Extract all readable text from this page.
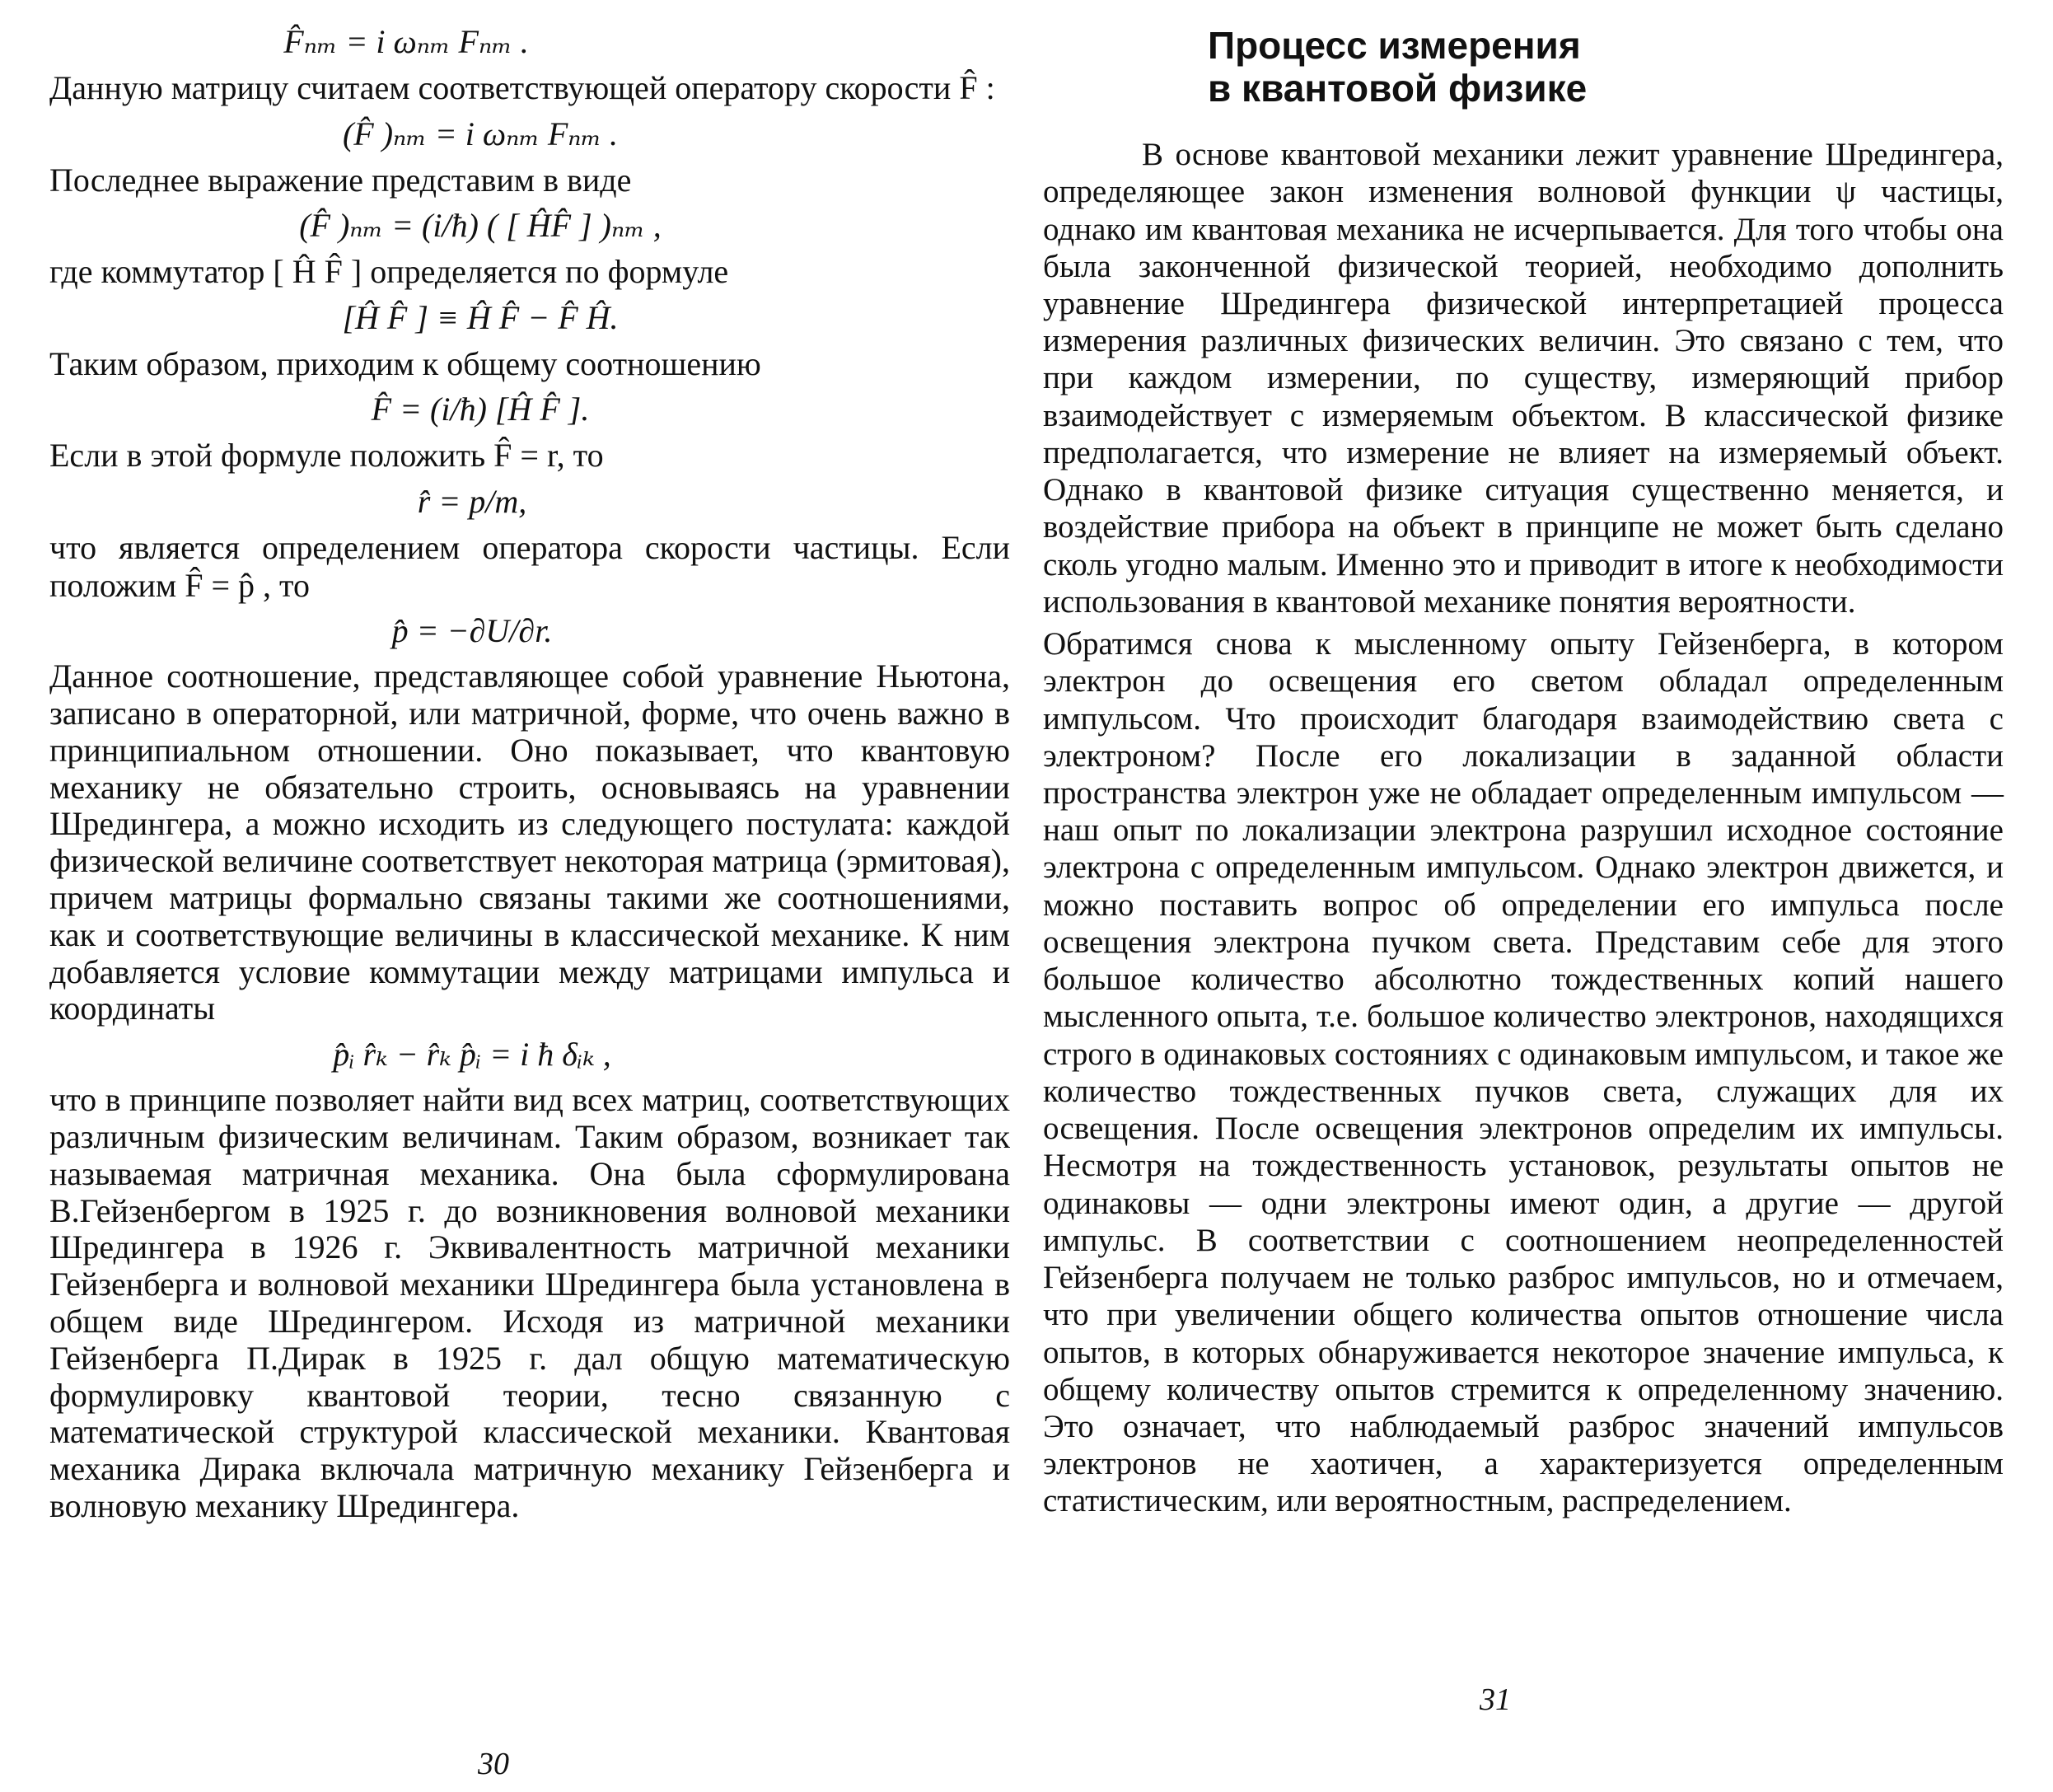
F̂ₙₘ = i ωₙₘ Fₙₘ .

Данную матрицу считаем соответствующей оператору скорости F̂ :

(F̂ )ₙₘ = i ωₙₘ Fₙₘ .

Последнее выражение представим в виде

(F̂ )ₙₘ = (i/ħ) ( [ ĤF̂ ] )ₙₘ ,

где коммутатор [ Ĥ F̂ ] определяется по формуле

[Ĥ F̂ ] ≡ Ĥ F̂ − F̂ Ĥ.

Таким образом, приходим к общему соотношению

F̂ = (i/ħ) [Ĥ F̂ ].

Если в этой формуле положить F̂ = r, то

r̂ = p/m,

что является определением оператора скорости частицы. Если положим F̂ = p̂ , то

p̂ = −∂U/∂r.

Данное соотношение, представляющее собой уравнение Ньютона, записано в операторной, или матричной, форме, что очень важно в принципиальном отношении. Оно показывает, что квантовую механику не обязательно строить, основываясь на уравнении Шредингера, а можно исходить из следующего постулата: каждой физической величине соответствует некоторая матрица (эрмитовая), причем матрицы формально связаны такими же соотношениями, как и соответствующие величины в классической механике. К ним добавляется условие коммутации между матрицами импульса и координаты

p̂ᵢ r̂ₖ − r̂ₖ p̂ᵢ = i ħ δᵢₖ ,

что в принципе позволяет найти вид всех матриц, соответствующих различным физическим величинам. Таким образом, возникает так называемая матричная механика. Она была сформулирована В.Гейзенбергом в 1925 г. до возникновения волновой механики Шредингера в 1926 г. Эквивалентность матричной механики Гейзенберга и волновой механики Шредингера была установлена в общем виде Шредингером. Исходя из матричной механики Гейзенберга П.Дирак в 1925 г. дал общую математическую формулировку квантовой теории, тесно связанную с математической структурой классической механики. Квантовая механика Дирака включала матричную механику Гейзенберга и волновую механику Шредингера.

30
Процесс измерения
в квантовой физике

В основе квантовой механики лежит уравнение Шредингера, определяющее закон изменения волновой функции ψ частицы, однако им квантовая механика не исчерпывается. Для того чтобы она была законченной физической теорией, необходимо дополнить уравнение Шредингера физической интерпретацией процесса измерения различных физических величин. Это связано с тем, что при каждом измерении, по существу, измеряющий прибор взаимодействует с измеряемым объектом. В классической физике предполагается, что измерение не влияет на измеряемый объект. Однако в квантовой физике ситуация существенно меняется, и воздействие прибора на объект в принципе не может быть сделано сколь угодно малым. Именно это и приводит в итоге к необходимости использования в квантовой механике понятия вероятности.

Обратимся снова к мысленному опыту Гейзенберга, в котором электрон до освещения его светом обладал определенным импульсом. Что происходит благодаря взаимодействию света с электроном? После его локализации в заданной области пространства электрон уже не обладает определенным импульсом — наш опыт по локализации электрона разрушил исходное состояние электрона с определенным импульсом. Однако электрон движется, и можно поставить вопрос об определении его импульса после освещения электрона пучком света. Представим себе для этого большое количество абсолютно тождественных копий нашего мысленного опыта, т.е. большое количество электронов, находящихся строго в одинаковых состояниях с одинаковым импульсом, и такое же количество тождественных пучков света, служащих для их освещения. После освещения электронов определим их импульсы. Несмотря на тождественность установок, результаты опытов не одинаковы — одни электроны имеют один, а другие — другой импульс. В соответствии с соотношением неопределенностей Гейзенберга получаем не только разброс импульсов, но и отмечаем, что при увеличении общего количества опытов отношение числа опытов, в которых обнаруживается некоторое значение импульса, к общему количеству опытов стремится к определенному значению. Это означает, что наблюдаемый разброс значений импульсов электронов не хаотичен, а характеризуется определенным статистическим, или вероятностным, распределением.

31
